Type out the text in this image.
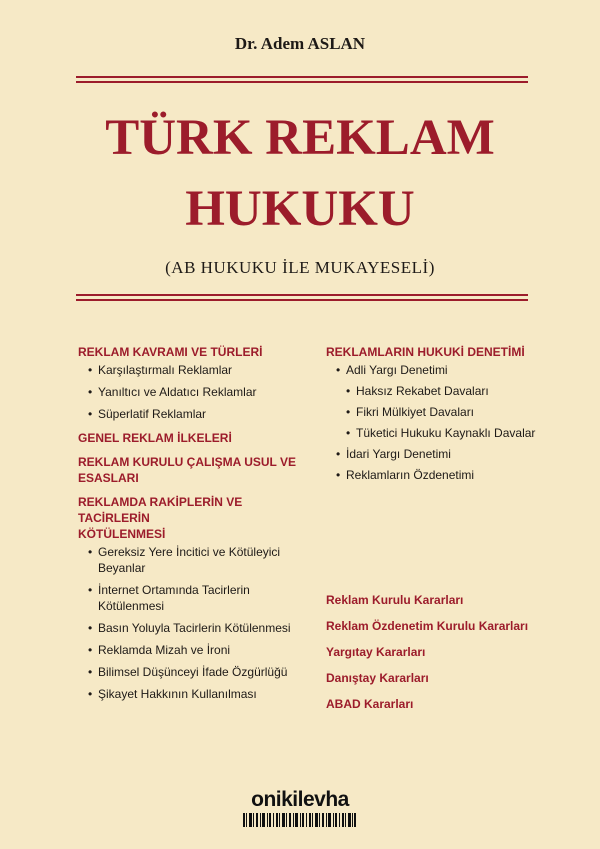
Dr. Adem ASLAN
TÜRK REKLAM
HUKUKU
(AB HUKUKU İLE MUKAYESELİ)
REKLAM KAVRAMI VE TÜRLERİ
• Karşılaştırmalı Reklamlar
• Yanıltıcı ve Aldatıcı Reklamlar
• Süperlatif Reklamlar
GENEL REKLAM İLKELERİ
REKLAM KURULU ÇALIŞMA USUL VE
ESASLARI
REKLAMDA RAKİPLERİN VE TACİRLERİN
KÖTÜLENMESİ
• Gereksiz Yere İncitici ve Kötüleyici Beyanlar
• İnternet Ortamında Tacirlerin Kötülenmesi
• Basın Yoluyla Tacirlerin Kötülenmesi
• Reklamda Mizah ve İroni
• Bilimsel Düşünceyi İfade Özgürlüğü
• Şikayet Hakkının Kullanılması
REKLAMLARIN HUKUKİ DENETİMİ
• Adli Yargı Denetimi
• Haksız Rekabet Davaları
• Fikri Mülkiyet Davaları
• Tüketici Hukuku Kaynaklı Davalar
• İdari Yargı Denetimi
• Reklamların Özdenetimi
Reklam Kurulu Kararları
Reklam Özdenetim Kurulu Kararları
Yargıtay Kararları
Danıştay Kararları
ABAD Kararları
onikilevha
